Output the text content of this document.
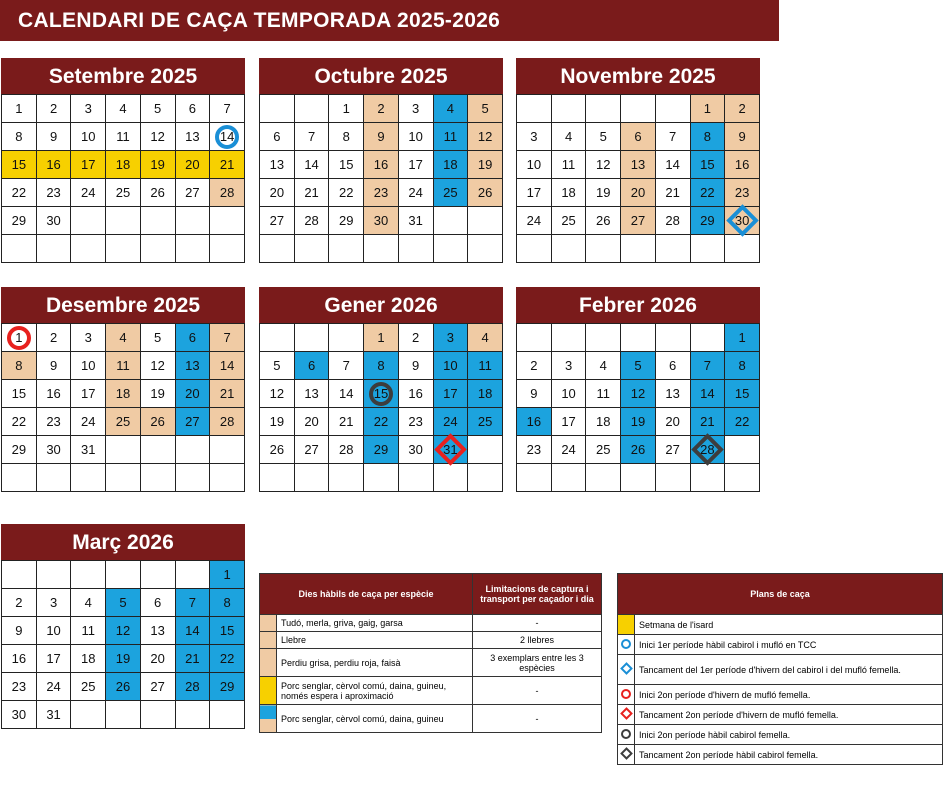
CALENDARI DE CAÇA TEMPORADA 2025-2026
Setembre 2025
1	2	3	4	5	6	7
8	9	10	11	12	13	14
15	16	17	18	19	20	21
22	23	24	25	26	27	28
29	30					

Octubre 2025
		1	2	3	4	5
6	7	8	9	10	11	12
13	14	15	16	17	18	19
20	21	22	23	24	25	26
27	28	29	30	31		

Novembre 2025
					1	2
3	4	5	6	7	8	9
10	11	12	13	14	15	16
17	18	19	20	21	22	23
24	25	26	27	28	29	30

Desembre 2025
1	2	3	4	5	6	7
8	9	10	11	12	13	14
15	16	17	18	19	20	21
22	23	24	25	26	27	28
29	30	31				

Gener 2026
			1	2	3	4
5	6	7	8	9	10	11
12	13	14	15	16	17	18
19	20	21	22	23	24	25
26	27	28	29	30	31	

Febrer 2026
						1
2	3	4	5	6	7	8
9	10	11	12	13	14	15
16	17	18	19	20	21	22
23	24	25	26	27	28	

Març 2026
						1
2	3	4	5	6	7	8
9	10	11	12	13	14	15
16	17	18	19	20	21	22
23	24	25	26	27	28	29
30	31					
Dies hàbils de caça per espècie		Limitacions de captura i transport per caçador i dia
	Tudó, merla, griva, gaig, garsa	-
	Llebre	2 llebres
	Perdiu grisa, perdiu roja, faisà	3 exemplars entre les 3 espècies
	Porc senglar, cèrvol comú, daina, guineu, només espera i aproximació	-
	Porc senglar, cèrvol comú, daina, guineu	-
Plans de caça	
	Setmana de l'isard
	Inici 1er període hàbil cabirol i mufló en TCC
	Tancament del 1er període d'hivern del cabirol i del mufló femella.
	Inici 2on període d'hivern de mufló femella.
	Tancament 2on període d'hivern de mufló femella.
	Inici 2on període hàbil cabirol femella.
	Tancament 2on període hàbil cabirol femella.
